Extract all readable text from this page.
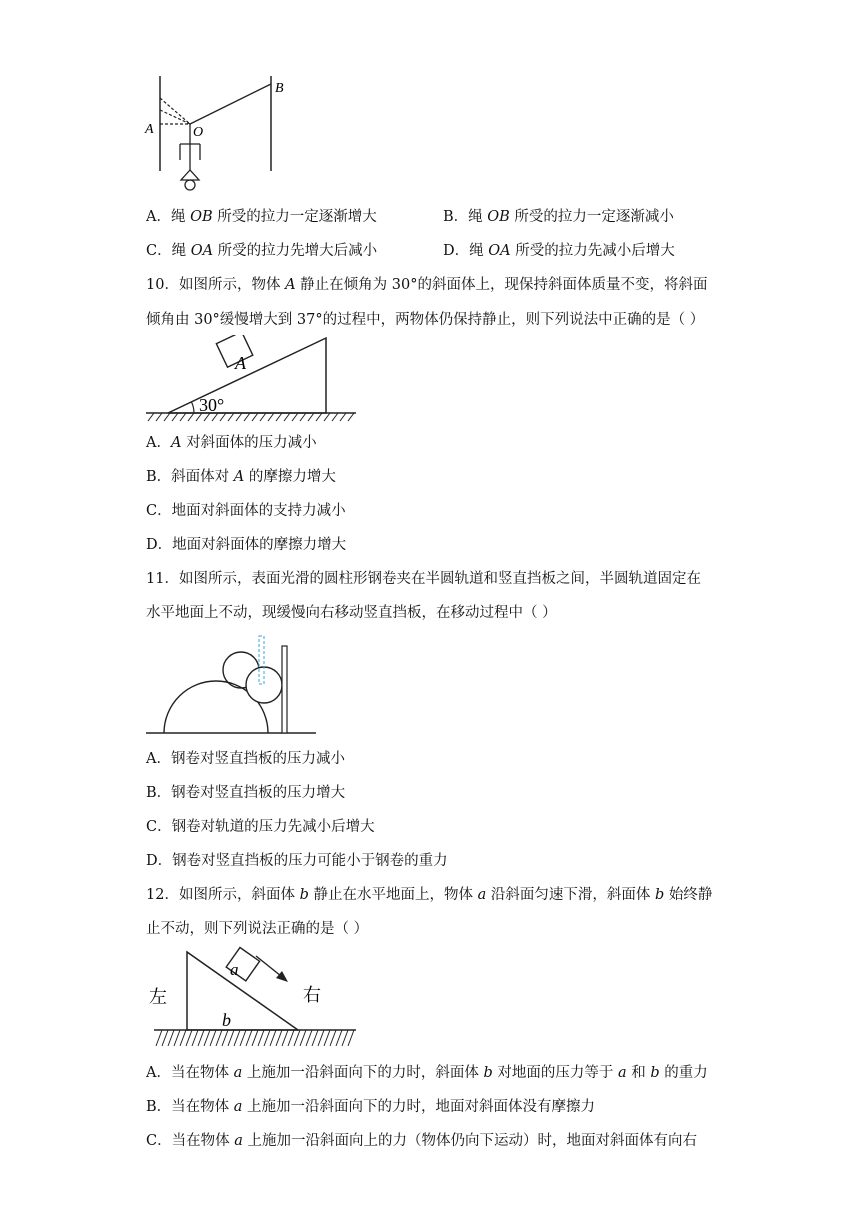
A
B
O
A．绳 OB 所受的拉力一定逐渐增大	B．绳 OB 所受的拉力一定逐渐减小
C．绳 OA 所受的拉力先增大后减小	D．绳 OA 所受的拉力先减小后增大
10．如图所示，物体 A 静止在倾角为 30°的斜面体上，现保持斜面体质量不变，将斜面
倾角由 30°缓慢增大到 37°的过程中，两物体仍保持静止，则下列说法中正确的是（ ）
A
30°
A．A 对斜面体的压力减小
B．斜面体对 A 的摩擦力增大
C．地面对斜面体的支持力减小
D．地面对斜面体的摩擦力增大
11．如图所示，表面光滑的圆柱形钢卷夹在半圆轨道和竖直挡板之间，半圆轨道固定在
水平地面上不动，现缓慢向右移动竖直挡板，在移动过程中（ ）
A．钢卷对竖直挡板的压力减小
B．钢卷对竖直挡板的压力增大
C．钢卷对轨道的压力先减小后增大
D．钢卷对竖直挡板的压力可能小于钢卷的重力
12．如图所示，斜面体 b 静止在水平地面上，物体 a 沿斜面匀速下滑，斜面体 b 始终静
止不动，则下列说法正确的是（ ）
a
左	右
b
A．当在物体 a 上施加一沿斜面向下的力时，斜面体 b 对地面的压力等于 a 和 b 的重力
B．当在物体 a 上施加一沿斜面向下的力时，地面对斜面体没有摩擦力
C．当在物体 a 上施加一沿斜面向上的力（物体仍向下运动）时，地面对斜面体有向右
